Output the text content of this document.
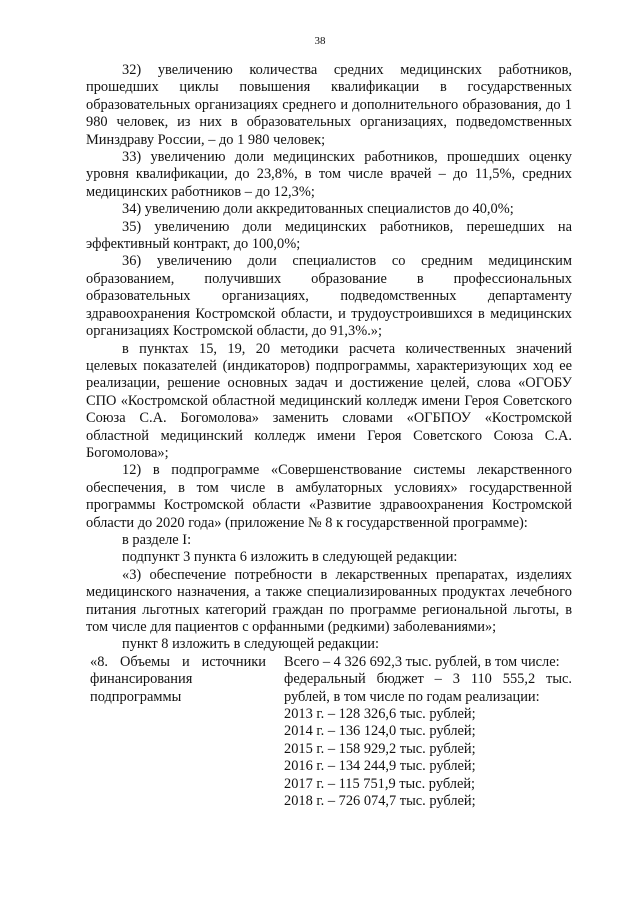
38

32) увеличению количества средних медицинских работников, прошедших циклы повышения квалификации в государственных образовательных организациях среднего и дополнительного образования, до 1 980 человек, из них в образовательных организациях, подведомственных Минздраву России, – до 1 980 человек;

33) увеличению доли медицинских работников, прошедших оценку уровня квалификации, до 23,8%, в том числе врачей – до 11,5%, средних медицинских работников – до 12,3%;

34) увеличению доли аккредитованных специалистов до 40,0%;

35) увеличению доли медицинских работников, перешедших на эффективный контракт, до 100,0%;

36) увеличению доли специалистов со средним медицинским образованием, получивших образование в профессиональных образовательных организациях, подведомственных департаменту здравоохранения Костромской области, и трудоустроившихся в медицинских организациях Костромской области, до 91,3%.»;

в пунктах 15, 19, 20 методики расчета количественных значений целевых показателей (индикаторов) подпрограммы, характеризующих ход ее реализации, решение основных задач и достижение целей, слова «ОГОБУ СПО «Костромской областной медицинский колледж имени Героя Советского Союза С.А. Богомолова» заменить словами «ОГБПОУ «Костромской областной медицинский колледж имени Героя Советского Союза С.А. Богомолова»;

12) в подпрограмме «Совершенствование системы лекарственного обеспечения, в том числе в амбулаторных условиях» государственной программы Костромской области «Развитие здравоохранения Костромской области до 2020 года» (приложение № 8 к государственной программе):

в разделе I:

подпункт 3 пункта 6 изложить в следующей редакции:

«3) обеспечение потребности в лекарственных препаратах, изделиях медицинского назначения, а также специализированных продуктах лечебного питания льготных категорий граждан по программе региональной льготы, в том числе для пациентов с орфанными (редкими) заболеваниями»;

пункт 8 изложить в следующей редакции:

«8. Объемы и источники
финансирования
подпрограммы

Всего – 4 326 692,3 тыс. рублей, в том числе:

федеральный бюджет – 3 110 555,2 тыс. рублей, в том числе по годам реализации:

2013 г. – 128 326,6 тыс. рублей;

2014 г. – 136 124,0 тыс. рублей;

2015 г. – 158 929,2 тыс. рублей;

2016 г. – 134 244,9 тыс. рублей;

2017 г. – 115 751,9 тыс. рублей;

2018 г. – 726 074,7 тыс. рублей;
